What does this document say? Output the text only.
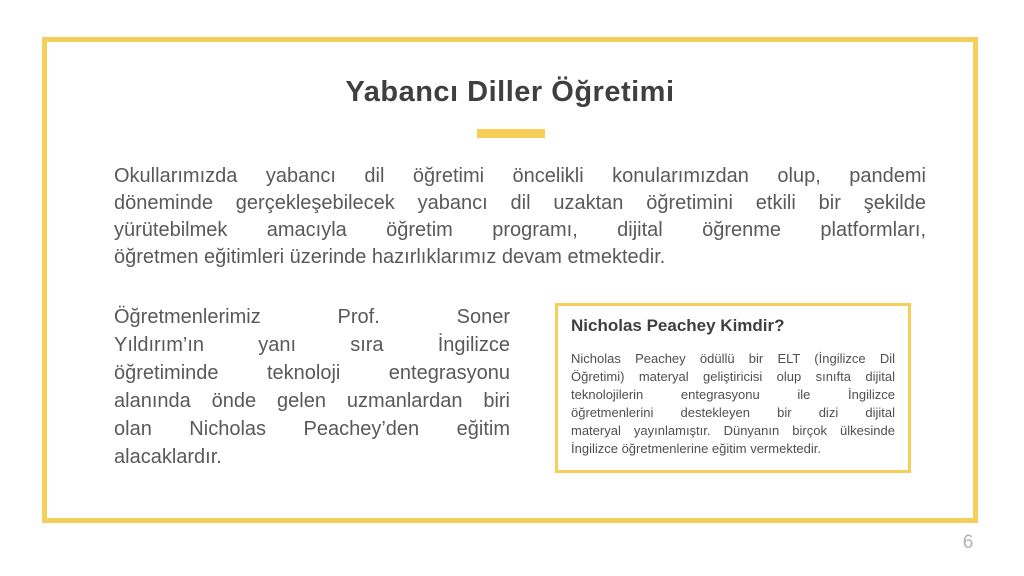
Yabancı Diller Öğretimi
Okullarımızda yabancı dil öğretimi öncelikli konularımızdan olup, pandemi
döneminde gerçekleşebilecek yabancı dil uzaktan öğretimini etkili bir şekilde
yürütebilmek amacıyla öğretim programı, dijital öğrenme platformları,
öğretmen eğitimleri üzerinde hazırlıklarımız devam etmektedir.
Öğretmenlerimiz Prof. Soner
Yıldırım’ın yanı sıra İngilizce
öğretiminde teknoloji entegrasyonu
alanında önde gelen uzmanlardan biri
olan Nicholas Peachey’den eğitim
alacaklardır.
Nicholas Peachey Kimdir?
Nicholas Peachey ödüllü bir ELT (İngilizce Dil
Öğretimi) materyal geliştiricisi olup sınıfta dijital
teknolojilerin entegrasyonu ile İngilizce
öğretmenlerini destekleyen bir dizi dijital
materyal yayınlamıştır. Dünyanın birçok ülkesinde
İngilizce öğretmenlerine eğitim vermektedir.
6
